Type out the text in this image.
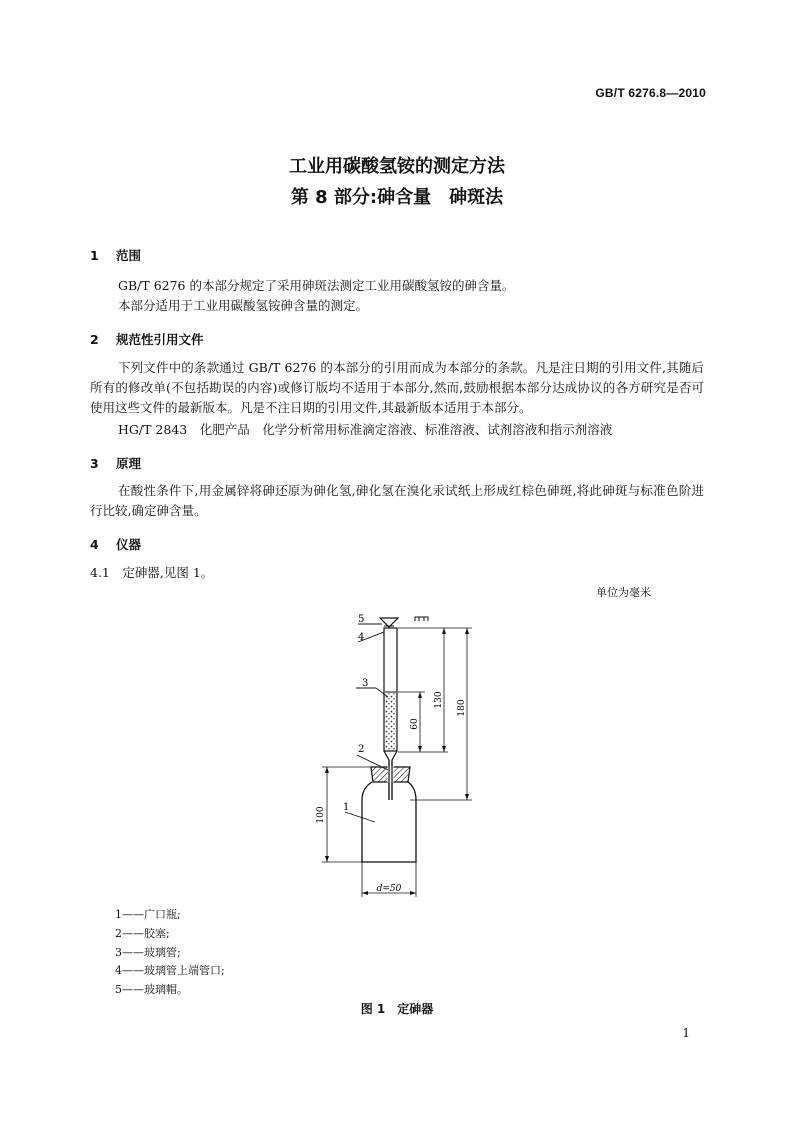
GB/T 6276.8—2010
工业用碳酸氢铵的测定方法
第 8 部分:砷含量　砷斑法
1 范围
GB/T 6276 的本部分规定了采用砷斑法测定工业用碳酸氢铵的砷含量。
本部分适用于工业用碳酸氢铵砷含量的测定。
2 规范性引用文件
下列文件中的条款通过 GB/T 6276 的本部分的引用而成为本部分的条款。凡是注日期的引用文件,其随后所有的修改单(不包括勘误的内容)或修订版均不适用于本部分,然而,鼓励根据本部分达成协议的各方研究是否可使用这些文件的最新版本。凡是不注日期的引用文件,其最新版本适用于本部分。
HG/T 2843　化肥产品　化学分析常用标准滴定溶液、标准溶液、试剂溶液和指示剂溶液
3 原理
在酸性条件下,用金属锌将砷还原为砷化氢,砷化氢在溴化汞试纸上形成红棕色砷斑,将此砷斑与标准色阶进行比较,确定砷含量。
4 仪器
4.1　定砷器,见图 1。
单位为毫米
5
4
3
2
1
130
60
180
100
d=50
1——广口瓶;
2——胶塞;
3——玻璃管;
4——玻璃管上端管口;
5——玻璃帽。
图 1　定砷器
1
